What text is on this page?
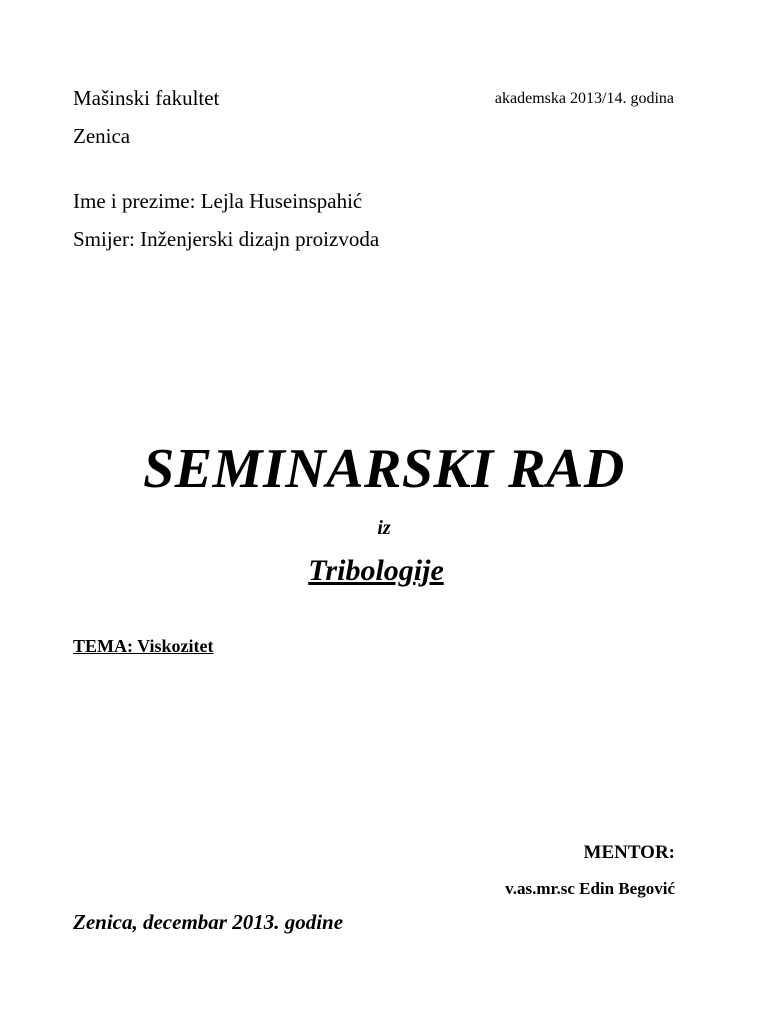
Mašinski fakultet	akademska 2013/14. godina
Zenica
Ime i prezime: Lejla Huseinspahić
Smijer: Inženjerski dizajn proizvoda
SEMINARSKI RAD
iz
Tribologije
TEMA: Viskozitet
MENTOR:
v.as.mr.sc Edin Begović
Zenica, decembar 2013. godine
